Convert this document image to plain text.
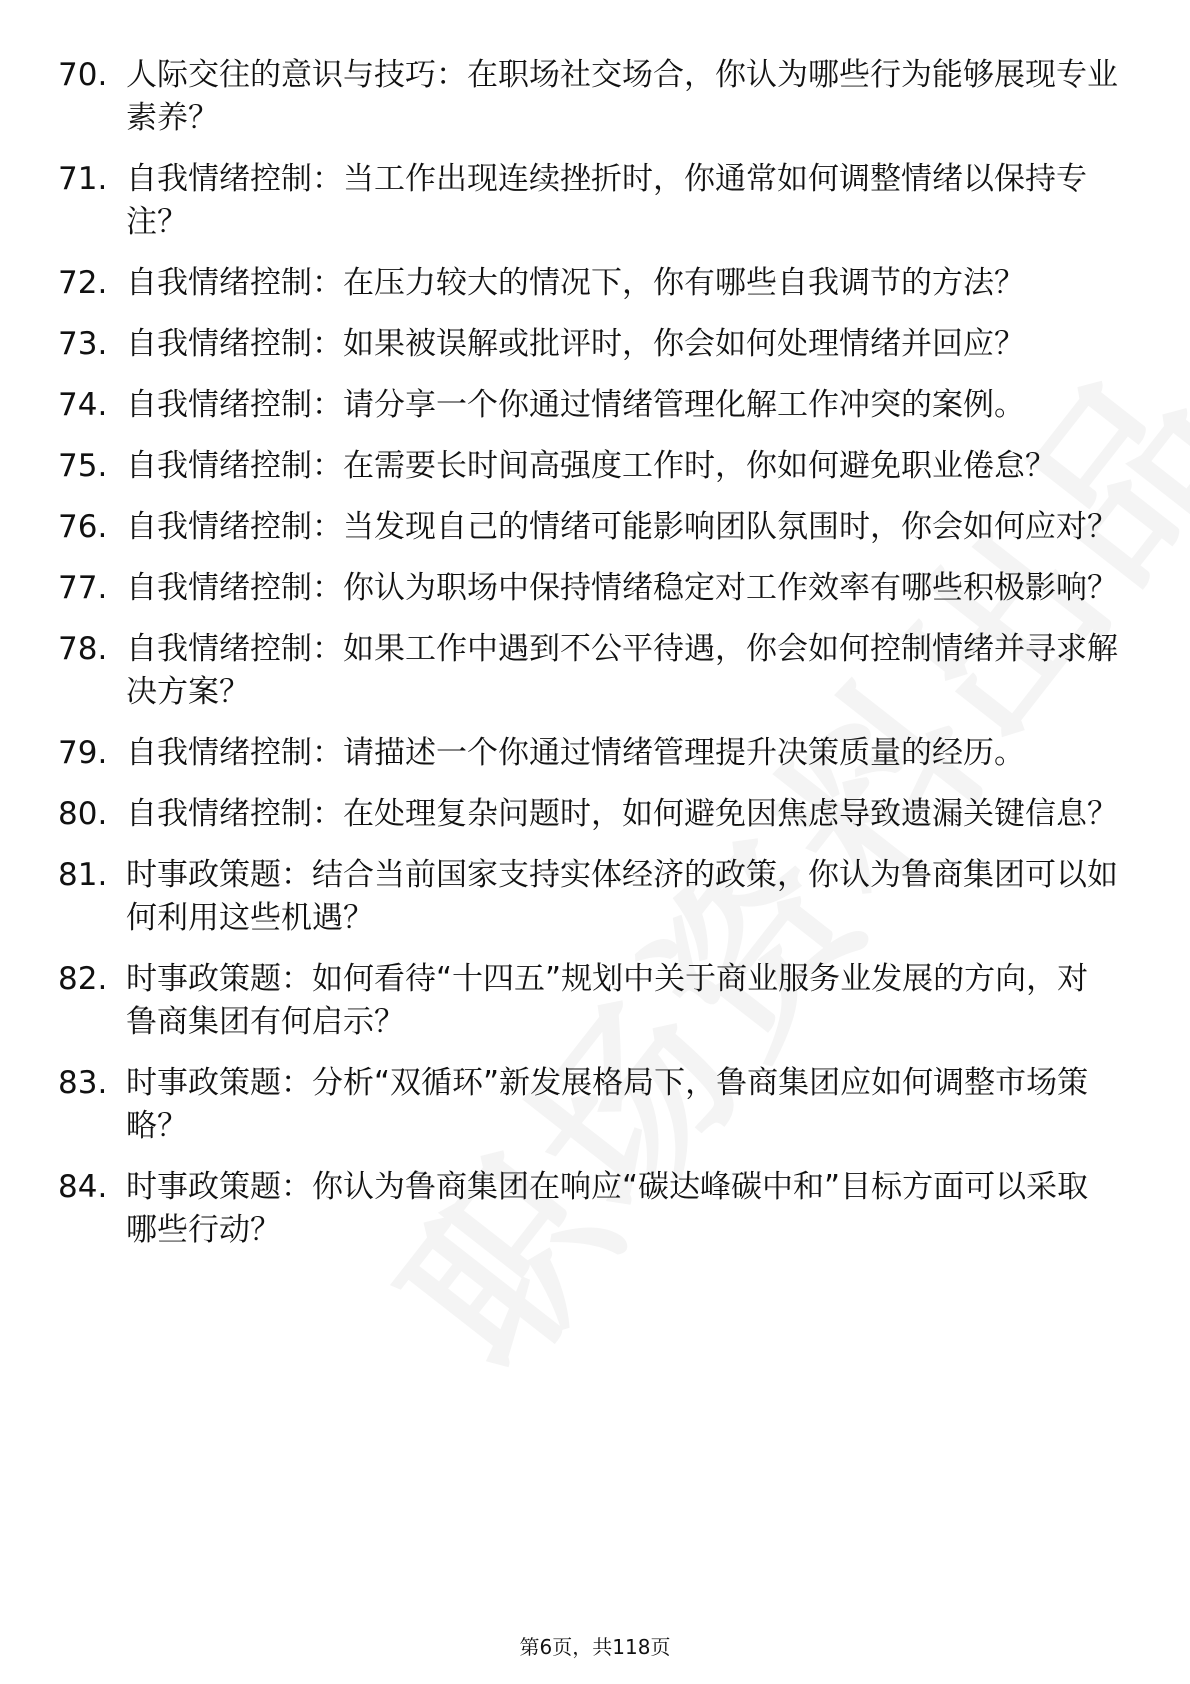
70. 人际交往的意识与技巧：在职场社交场合，你认为哪些行为能够展现专业素养？
71. 自我情绪控制：当工作出现连续挫折时，你通常如何调整情绪以保持专注？
72. 自我情绪控制：在压力较大的情况下，你有哪些自我调节的方法？
73. 自我情绪控制：如果被误解或批评时，你会如何处理情绪并回应？
74. 自我情绪控制：请分享一个你通过情绪管理化解工作冲突的案例。
75. 自我情绪控制：在需要长时间高强度工作时，你如何避免职业倦怠？
76. 自我情绪控制：当发现自己的情绪可能影响团队氛围时，你会如何应对？
77. 自我情绪控制：你认为职场中保持情绪稳定对工作效率有哪些积极影响？
78. 自我情绪控制：如果工作中遇到不公平待遇，你会如何控制情绪并寻求解决方案？
79. 自我情绪控制：请描述一个你通过情绪管理提升决策质量的经历。
80. 自我情绪控制：在处理复杂问题时，如何避免因焦虑导致遗漏关键信息？
81. 时事政策题：结合当前国家支持实体经济的政策，你认为鲁商集团可以如何利用这些机遇？
82. 时事政策题：如何看待“十四五”规划中关于商业服务业发展的方向，对鲁商集团有何启示？
83. 时事政策题：分析“双循环”新发展格局下，鲁商集团应如何调整市场策略？
84. 时事政策题：你认为鲁商集团在响应“碳达峰碳中和”目标方面可以采取哪些行动？
第6页，共118页
